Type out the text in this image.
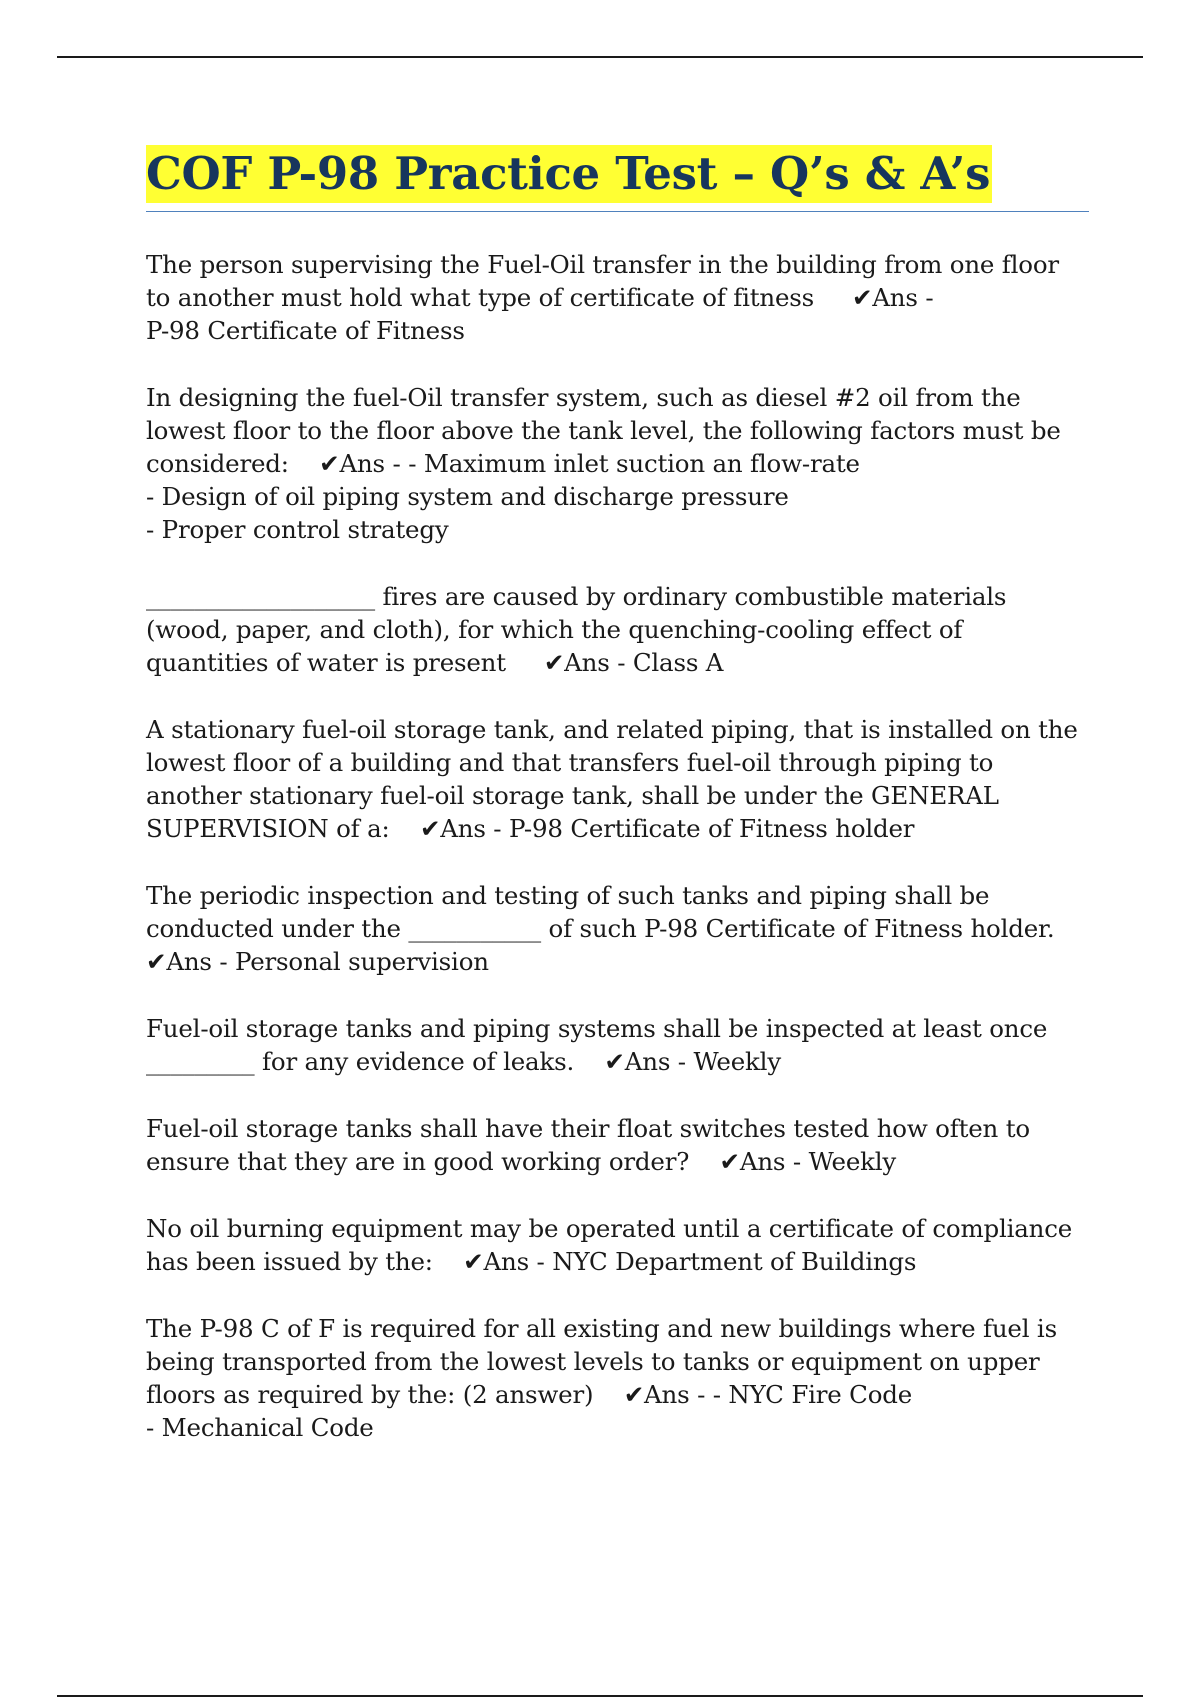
COF P-98 Practice Test – Q’s & A’s
The person supervising the Fuel-Oil transfer in the building from one floor to another must hold what type of certificate of fitness     ✔Ans - P-98 Certificate of Fitness
In designing the fuel-Oil transfer system, such as diesel #2 oil from the lowest floor to the floor above the tank level, the following factors must be considered:    ✔Ans - - Maximum inlet suction an flow-rate
- Design of oil piping system and discharge pressure
- Proper control strategy
___________________ fires are caused by ordinary combustible materials (wood, paper, and cloth), for which the quenching-cooling effect of quantities of water is present     ✔Ans - Class A
A stationary fuel-oil storage tank, and related piping, that is installed on the lowest floor of a building and that transfers fuel-oil through piping to another stationary fuel-oil storage tank, shall be under the GENERAL SUPERVISION of a:    ✔Ans - P-98 Certificate of Fitness holder
The periodic inspection and testing of such tanks and piping shall be conducted under the ___________ of such P-98 Certificate of Fitness holder. ✔Ans - Personal supervision
Fuel-oil storage tanks and piping systems shall be inspected at least once _________ for any evidence of leaks.    ✔Ans - Weekly
Fuel-oil storage tanks shall have their float switches tested how often to ensure that they are in good working order?    ✔Ans - Weekly
No oil burning equipment may be operated until a certificate of compliance has been issued by the:    ✔Ans - NYC Department of Buildings
The P-98 C of F is required for all existing and new buildings where fuel is being transported from the lowest levels to tanks or equipment on upper floors as required by the: (2 answer)    ✔Ans - - NYC Fire Code
- Mechanical Code
